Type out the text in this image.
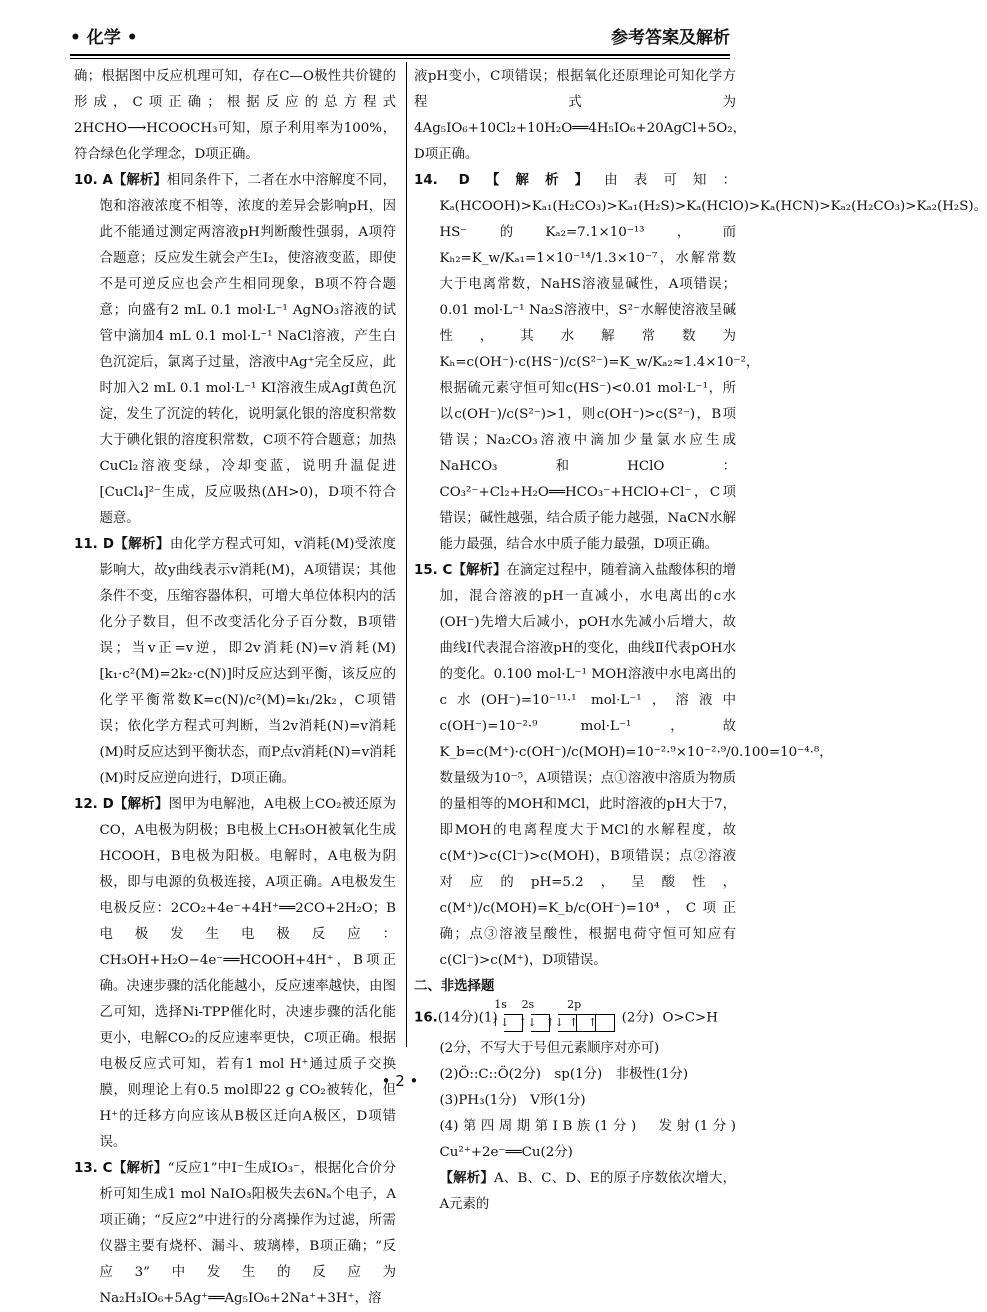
• 化学 •	参考答案及解析

确；根据图中反应机理可知，存在C—O极性共价键的形成，C项正确；根据反应的总方程式2HCHO⟶HCOOCH₃可知，原子利用率为100%，符合绿色化学理念，D项正确。

10. A【解析】相同条件下，二者在水中溶解度不同，饱和溶液浓度不相等，浓度的差异会影响pH，因此不能通过测定两溶液pH判断酸性强弱，A项符合题意；反应发生就会产生I₂，使溶液变蓝，即使不是可逆反应也会产生相同现象，B项不符合题意；向盛有2 mL 0.1 mol·L⁻¹ AgNO₃溶液的试管中滴加4 mL 0.1 mol·L⁻¹ NaCl溶液，产生白色沉淀后，氯离子过量，溶液中Ag⁺完全反应，此时加入2 mL 0.1 mol·L⁻¹ KI溶液生成AgI黄色沉淀，发生了沉淀的转化，说明氯化银的溶度积常数大于碘化银的溶度积常数，C项不符合题意；加热CuCl₂溶液变绿，冷却变蓝，说明升温促进[CuCl₄]²⁻生成，反应吸热(ΔH>0)，D项不符合题意。

11. D【解析】由化学方程式可知，v消耗(M)受浓度影响大，故y曲线表示v消耗(M)，A项错误；其他条件不变，压缩容器体积，可增大单位体积内的活化分子数目，但不改变活化分子百分数，B项错误；当v正=v逆，即2v消耗(N)=v消耗(M)[k₁·c²(M)=2k₂·c(N)]时反应达到平衡，该反应的化学平衡常数K=c(N)/c²(M)=k₁/2k₂，C项错误；依化学方程式可判断，当2v消耗(N)=v消耗(M)时反应达到平衡状态，而P点v消耗(N)=v消耗(M)时反应逆向进行，D项正确。

12. D【解析】图甲为电解池，A电极上CO₂被还原为CO，A电极为阴极；B电极上CH₃OH被氧化生成HCOOH，B电极为阳极。电解时，A电极为阴极，即与电源的负极连接，A项正确。A电极发生电极反应：2CO₂+4e⁻+4H⁺══2CO+2H₂O；B电极发生电极反应：CH₃OH+H₂O−4e⁻══HCOOH+4H⁺，B项正确。决速步骤的活化能越小，反应速率越快，由图乙可知，选择Ni-TPP催化时，决速步骤的活化能更小，电解CO₂的反应速率更快，C项正确。根据电极反应式可知，若有1 mol H⁺通过质子交换膜，则理论上有0.5 mol即22 g CO₂被转化，但H⁺的迁移方向应该从B极区迁向A极区，D项错误。

13. C【解析】“反应1”中I⁻生成IO₃⁻，根据化合价分析可知生成1 mol NaIO₃阳极失去6Nₐ个电子，A项正确；“反应2”中进行的分离操作为过滤，所需仪器主要有烧杯、漏斗、玻璃棒，B项正确；“反应3”中发生的反应为Na₂H₃IO₆+5Ag⁺══Ag₅IO₆+2Na⁺+3H⁺，溶

液pH变小，C项错误；根据氧化还原理论可知化学方程式为4Ag₅IO₆+10Cl₂+10H₂O══4H₅IO₆+20AgCl+5O₂，D项正确。

14. D【解析】由表可知：Kₐ(HCOOH)>Kₐ₁(H₂CO₃)>Kₐ₁(H₂S)>Kₐ(HClO)>Kₐ(HCN)>Kₐ₂(H₂CO₃)>Kₐ₂(H₂S)。HS⁻的Kₐ₂=7.1×10⁻¹³，而Kₕ₂=K_w/Kₐ₁=1×10⁻¹⁴/1.3×10⁻⁷，水解常数大于电离常数，NaHS溶液显碱性，A项错误；0.01 mol·L⁻¹ Na₂S溶液中，S²⁻水解使溶液呈碱性，其水解常数为Kₕ=c(OH⁻)·c(HS⁻)/c(S²⁻)=K_w/Kₐ₂≈1.4×10⁻²，根据硫元素守恒可知c(HS⁻)<0.01 mol·L⁻¹，所以c(OH⁻)/c(S²⁻)>1，则c(OH⁻)>c(S²⁻)，B项错误；Na₂CO₃溶液中滴加少量氯水应生成NaHCO₃和HClO：CO₃²⁻+Cl₂+H₂O══HCO₃⁻+HClO+Cl⁻，C项错误；碱性越强，结合质子能力越强，NaCN水解能力最强，结合水中质子能力最强，D项正确。

15. C【解析】在滴定过程中，随着滴入盐酸体积的增加，混合溶液的pH一直减小，水电离出的c水(OH⁻)先增大后减小，pOH水先减小后增大，故曲线Ⅰ代表混合溶液pH的变化，曲线Ⅱ代表pOH水的变化。0.100 mol·L⁻¹ MOH溶液中水电离出的c水(OH⁻)=10⁻¹¹·¹ mol·L⁻¹，溶液中c(OH⁻)=10⁻²·⁹ mol·L⁻¹，故K_b=c(M⁺)·c(OH⁻)/c(MOH)=10⁻²·⁹×10⁻²·⁹/0.100=10⁻⁴·⁸，数量级为10⁻⁵，A项错误；点①溶液中溶质为物质的量相等的MOH和MCl，此时溶液的pH大于7，即MOH的电离程度大于MCl的水解程度，故c(M⁺)>c(Cl⁻)>c(MOH)，B项错误；点②溶液对应的pH=5.2，呈酸性，c(M⁺)/c(MOH)=K_b/c(OH⁻)=10⁴，C项正确；点③溶液呈酸性，根据电荷守恒可知应有c(Cl⁻)>c(M⁺)，D项错误。

二、非选择题

16.(14分)(1)
1s
↑↓
2s
↑↓
2p
↑↓ ↑ ↑ (2分) O>C>H

(2分，不写大于号但元素顺序对亦可)

(2)Ö::C::Ö(2分)　sp(1分)　非极性(1分)

(3)PH₃(1分)　V形(1分)

(4)第四周期第ⅠB族(1分)　发射(1分)　Cu²⁺+2e⁻══Cu(2分)

【解析】A、B、C、D、E的原子序数依次增大，A元素的

• 2 •
